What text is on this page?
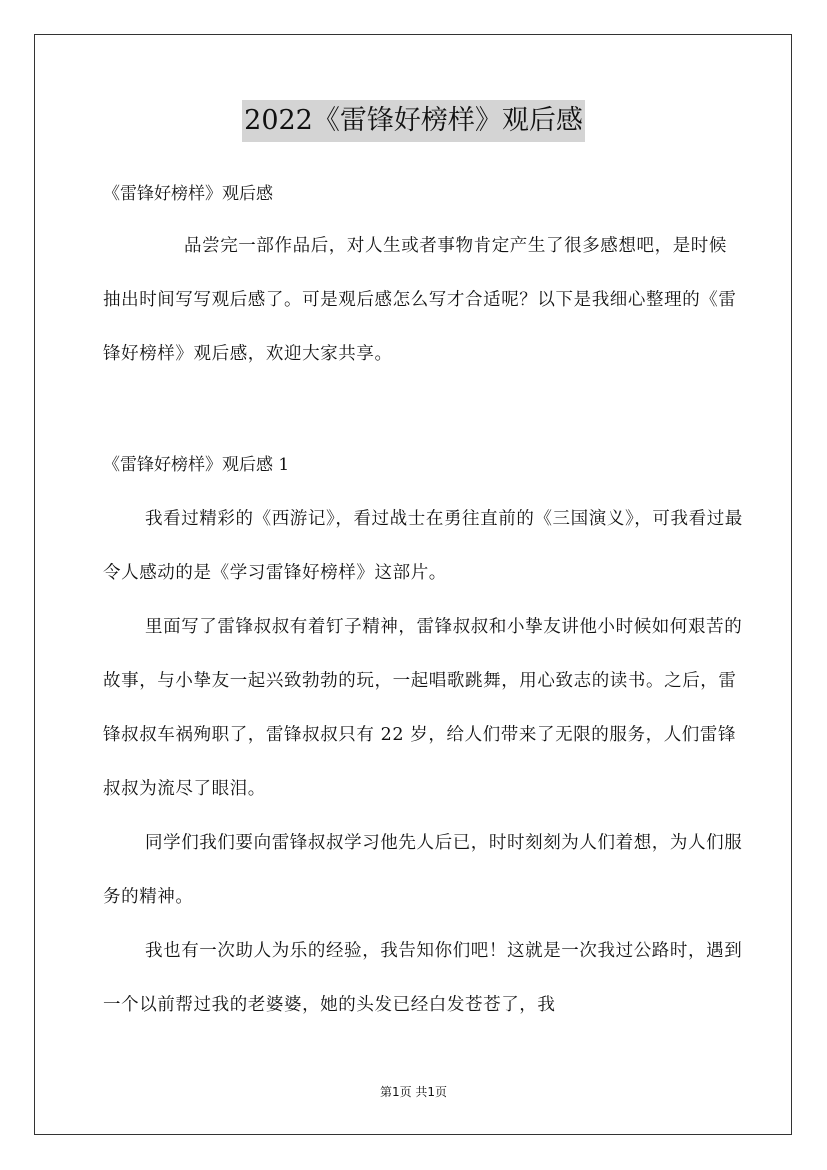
2022《雷锋好榜样》观后感
《雷锋好榜样》观后感

品尝完一部作品后，对人生或者事物肯定产生了很多感想吧，是时候抽出时间写写观后感了。可是观后感怎么写才合适呢？以下是我细心整理的《雷锋好榜样》观后感，欢迎大家共享。

《雷锋好榜样》观后感 1

我看过精彩的《西游记》，看过战士在勇往直前的《三国演义》，可我看过最令人感动的是《学习雷锋好榜样》这部片。

里面写了雷锋叔叔有着钉子精神，雷锋叔叔和小挚友讲他小时候如何艰苦的故事，与小挚友一起兴致勃勃的玩，一起唱歌跳舞，用心致志的读书。之后，雷锋叔叔车祸殉职了，雷锋叔叔只有 22 岁，给人们带来了无限的服务，人们雷锋叔叔为流尽了眼泪。

同学们我们要向雷锋叔叔学习他先人后已，时时刻刻为人们着想，为人们服务的精神。

我也有一次助人为乐的经验，我告知你们吧！这就是一次我过公路时，遇到一个以前帮过我的老婆婆，她的头发已经白发苍苍了，我

第1页 共1页
